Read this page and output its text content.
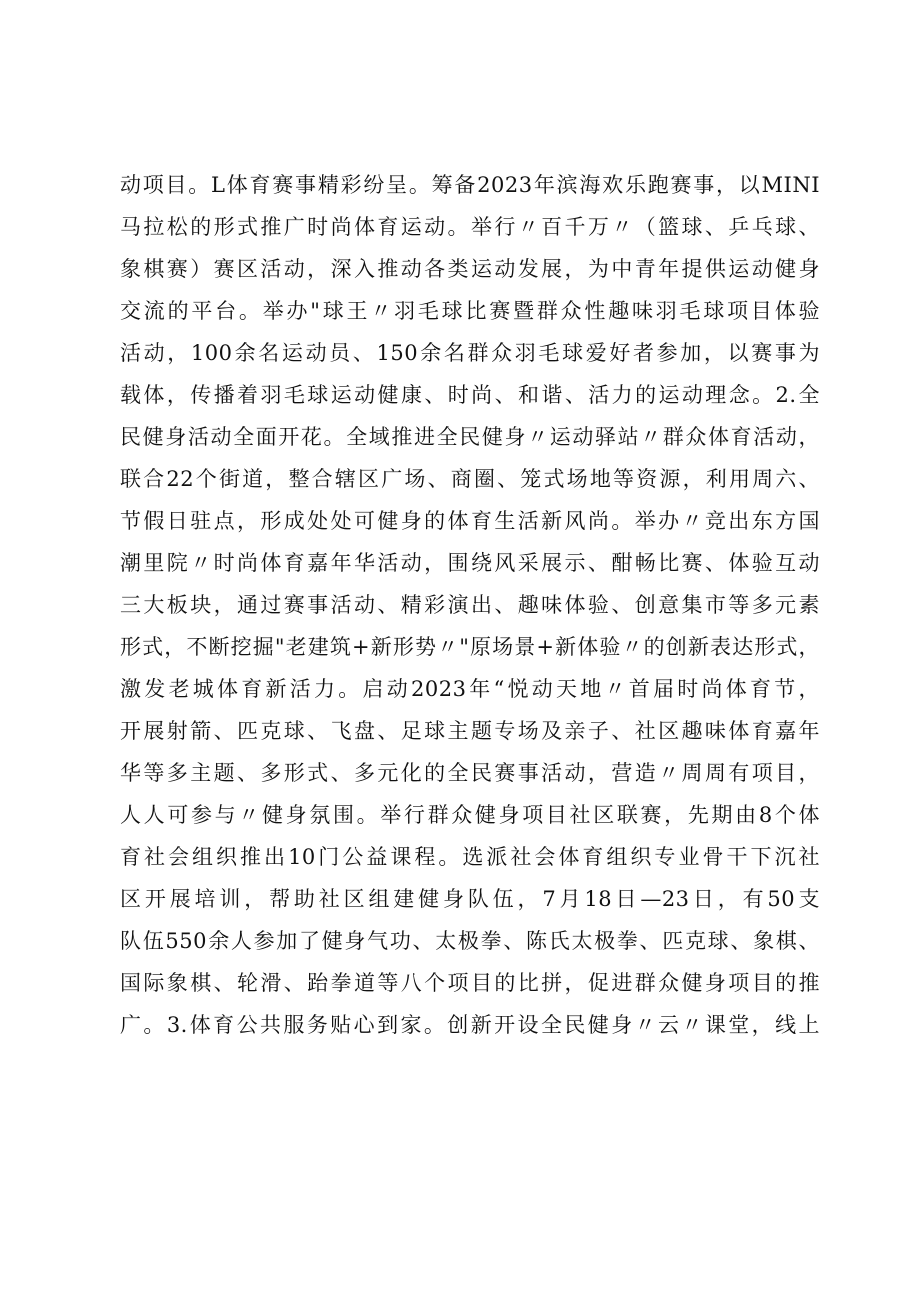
动项目。L体育赛事精彩纷呈。筹备2023年滨海欢乐跑赛事，以MINI
马拉松的形式推广时尚体育运动。举行〃百千万〃（篮球、乒乓球、
象棋赛）赛区活动，深入推动各类运动发展，为中青年提供运动健身
交流的平台。举办"球王〃羽毛球比赛暨群众性趣味羽毛球项目体验
活动，100余名运动员、150余名群众羽毛球爱好者参加，以赛事为
载体，传播着羽毛球运动健康、时尚、和谐、活力的运动理念。2.全
民健身活动全面开花。全域推进全民健身〃运动驿站〃群众体育活动，
联合22个街道，整合辖区广场、商圈、笼式场地等资源，利用周六、
节假日驻点，形成处处可健身的体育生活新风尚。举办〃竞出东方国
潮里院〃时尚体育嘉年华活动，围绕风采展示、酣畅比赛、体验互动
三大板块，通过赛事活动、精彩演出、趣味体验、创意集市等多元素
形式，不断挖掘"老建筑+新形势〃"原场景+新体验〃的创新表达形式，
激发老城体育新活力。启动2023年“悦动天地〃首届时尚体育节，
开展射箭、匹克球、飞盘、足球主题专场及亲子、社区趣味体育嘉年
华等多主题、多形式、多元化的全民赛事活动，营造〃周周有项目，
人人可参与〃健身氛围。举行群众健身项目社区联赛，先期由8个体
育社会组织推出10门公益课程。选派社会体育组织专业骨干下沉社
区开展培训，帮助社区组建健身队伍，7月18日—23日，有50支
队伍550余人参加了健身气功、太极拳、陈氏太极拳、匹克球、象棋、
国际象棋、轮滑、跆拳道等八个项目的比拼，促进群众健身项目的推
广。3.体育公共服务贴心到家。创新开设全民健身〃云〃课堂，线上
